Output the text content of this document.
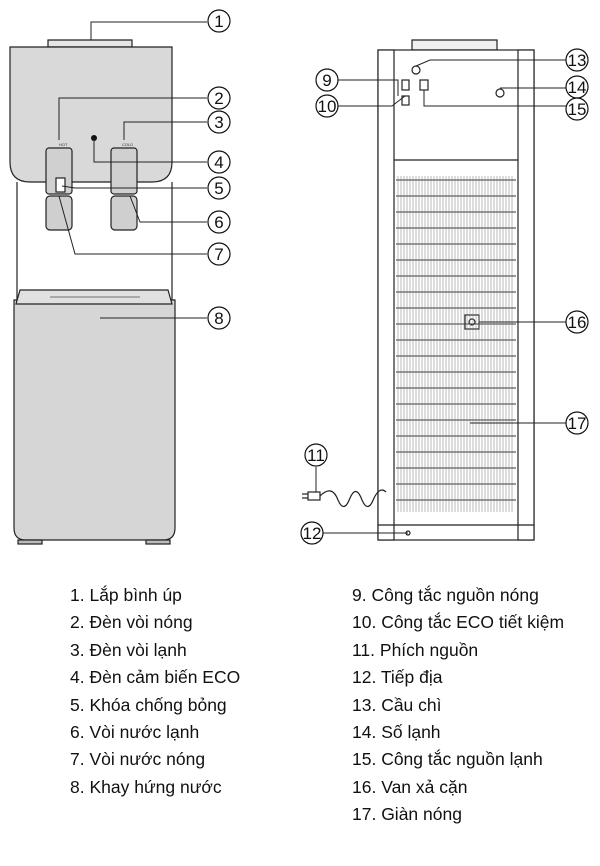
HOT	COLD
1
2
3
4
5
6
7
8
9
10
11
12
13
14
15
16
17
1. Lắp bình úp
2. Đèn vòi nóng
3. Đèn vòi lạnh
4. Đèn cảm biến ECO
5. Khóa chống bỏng
6. Vòi nước lạnh
7. Vòi nước nóng
8. Khay hứng nước
9. Công tắc nguồn nóng
10. Công tắc ECO tiết kiệm
11. Phích nguồn
12. Tiếp địa
13. Cầu chì
14. Số lạnh
15. Công tắc nguồn lạnh
16. Van xả cặn
17. Giàn nóng
